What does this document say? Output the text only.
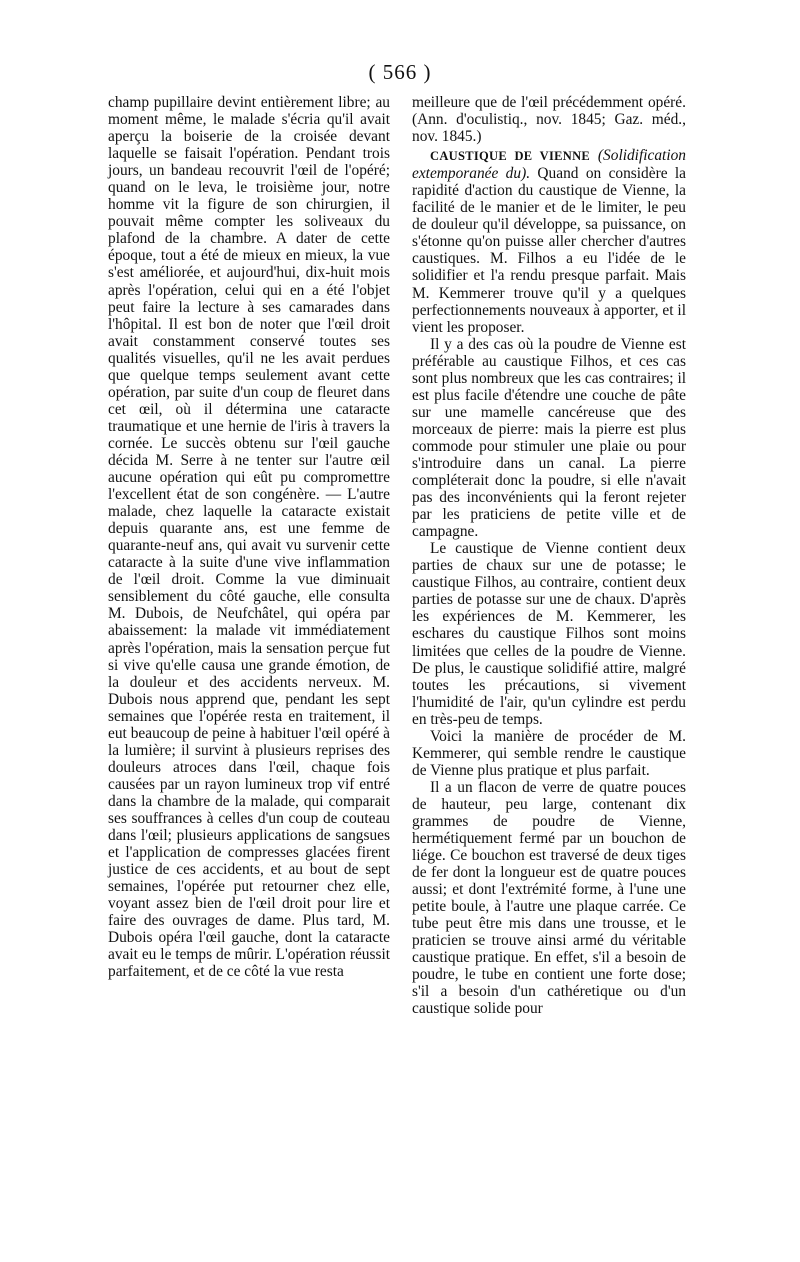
( 566 )

champ pupillaire devint entièrement libre; au moment même, le malade s'écria qu'il avait aperçu la boiserie de la croisée devant laquelle se faisait l'opération. Pendant trois jours, un bandeau recouvrit l'œil de l'opéré; quand on le leva, le troisième jour, notre homme vit la figure de son chirurgien, il pouvait même compter les soliveaux du plafond de la chambre. A dater de cette époque, tout a été de mieux en mieux, la vue s'est améliorée, et aujourd'hui, dix-huit mois après l'opération, celui qui en a été l'objet peut faire la lecture à ses camarades dans l'hôpital. Il est bon de noter que l'œil droit avait constamment conservé toutes ses qualités visuelles, qu'il ne les avait perdues que quelque temps seulement avant cette opération, par suite d'un coup de fleuret dans cet œil, où il détermina une cataracte traumatique et une hernie de l'iris à travers la cornée. Le succès obtenu sur l'œil gauche décida M. Serre à ne tenter sur l'autre œil aucune opération qui eût pu compromettre l'excellent état de son congénère. — L'autre malade, chez laquelle la cataracte existait depuis quarante ans, est une femme de quarante-neuf ans, qui avait vu survenir cette cataracte à la suite d'une vive inflammation de l'œil droit. Comme la vue diminuait sensiblement du côté gauche, elle consulta M. Dubois, de Neufchâtel, qui opéra par abaissement: la malade vit immédiatement après l'opération, mais la sensation perçue fut si vive qu'elle causa une grande émotion, de la douleur et des accidents nerveux. M. Dubois nous apprend que, pendant les sept semaines que l'opérée resta en traitement, il eut beaucoup de peine à habituer l'œil opéré à la lumière; il survint à plusieurs reprises des douleurs atroces dans l'œil, chaque fois causées par un rayon lumineux trop vif entré dans la chambre de la malade, qui comparait ses souffrances à celles d'un coup de couteau dans l'œil; plusieurs applications de sangsues et l'application de compresses glacées firent justice de ces accidents, et au bout de sept semaines, l'opérée put retourner chez elle, voyant assez bien de l'œil droit pour lire et faire des ouvrages de dame. Plus tard, M. Dubois opéra l'œil gauche, dont la cataracte avait eu le temps de mûrir. L'opération réussit parfaitement, et de ce côté la vue resta

meilleure que de l'œil précédemment opéré. (Ann. d'oculistiq., nov. 1845; Gaz. méd., nov. 1845.)

CAUSTIQUE DE VIENNE (Solidification extemporanée du). Quand on considère la rapidité d'action du caustique de Vienne, la facilité de le manier et de le limiter, le peu de douleur qu'il développe, sa puissance, on s'étonne qu'on puisse aller chercher d'autres caustiques. M. Filhos a eu l'idée de le solidifier et l'a rendu presque parfait. Mais M. Kemmerer trouve qu'il y a quelques perfectionnements nouveaux à apporter, et il vient les proposer.

Il y a des cas où la poudre de Vienne est préférable au caustique Filhos, et ces cas sont plus nombreux que les cas contraires; il est plus facile d'étendre une couche de pâte sur une mamelle cancéreuse que des morceaux de pierre: mais la pierre est plus commode pour stimuler une plaie ou pour s'introduire dans un canal. La pierre compléterait donc la poudre, si elle n'avait pas des inconvénients qui la feront rejeter par les praticiens de petite ville et de campagne.

Le caustique de Vienne contient deux parties de chaux sur une de potasse; le caustique Filhos, au contraire, contient deux parties de potasse sur une de chaux. D'après les expériences de M. Kemmerer, les eschares du caustique Filhos sont moins limitées que celles de la poudre de Vienne. De plus, le caustique solidifié attire, malgré toutes les précautions, si vivement l'humidité de l'air, qu'un cylindre est perdu en très-peu de temps.

Voici la manière de procéder de M. Kemmerer, qui semble rendre le caustique de Vienne plus pratique et plus parfait.

Il a un flacon de verre de quatre pouces de hauteur, peu large, contenant dix grammes de poudre de Vienne, hermétiquement fermé par un bouchon de liége. Ce bouchon est traversé de deux tiges de fer dont la longueur est de quatre pouces aussi; et dont l'extrémité forme, à l'une une petite boule, à l'autre une plaque carrée. Ce tube peut être mis dans une trousse, et le praticien se trouve ainsi armé du véritable caustique pratique. En effet, s'il a besoin de poudre, le tube en contient une forte dose; s'il a besoin d'un cathéretique ou d'un caustique solide pour
